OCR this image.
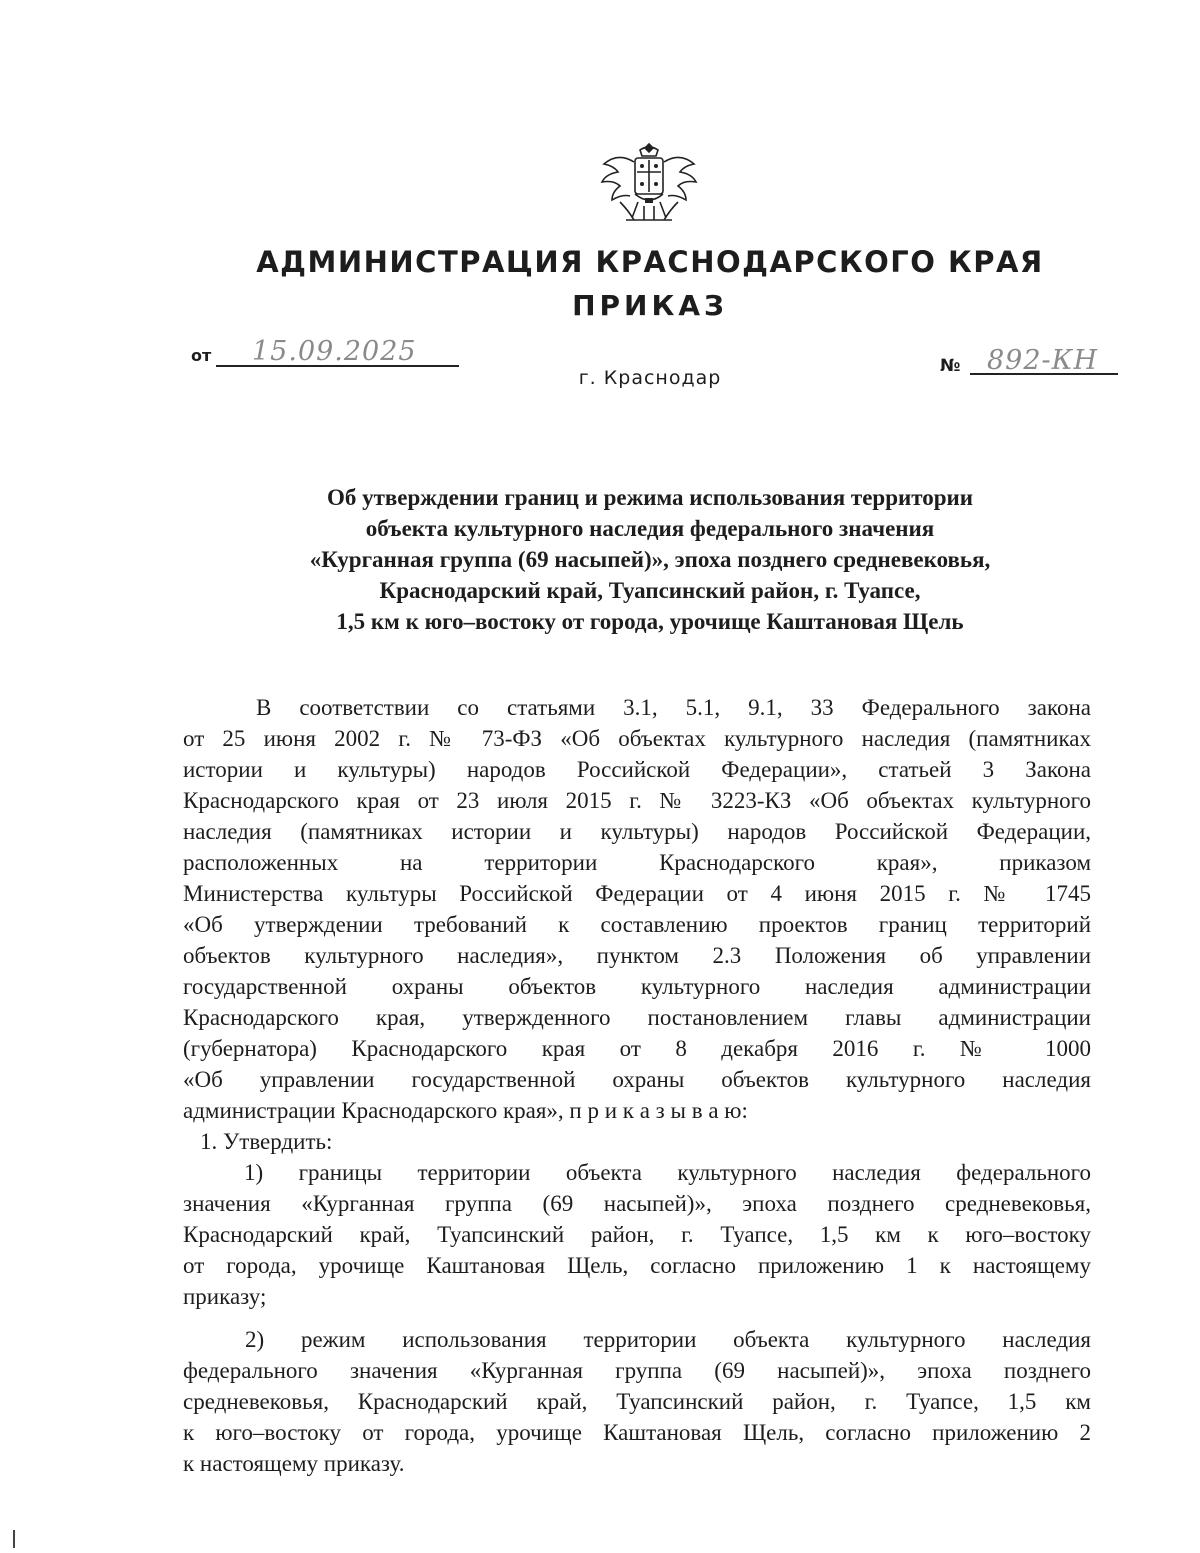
АДМИНИСТРАЦИЯ КРАСНОДАРСКОГО КРАЯ
ПРИКАЗ
от 15.09.2025	№ 892-КН
г. Краснодар
Об утверждении границ и режима использования территории
объекта культурного наследия федерального значения
«Курганная группа (69 насыпей)», эпоха позднего средневековья,
Краснодарский край, Туапсинский район, г. Туапсе,
1,5 км к юго–востоку от города, урочище Каштановая Щель
В соответствии со статьями 3.1, 5.1, 9.1, 33 Федерального закона
от 25 июня 2002 г. № 73-ФЗ «Об объектах культурного наследия (памятниках
истории и культуры) народов Российской Федерации», статьей 3 Закона
Краснодарского края от 23 июля 2015 г. № 3223-КЗ «Об объектах культурного
наследия (памятниках истории и культуры) народов Российской Федерации,
расположенных на территории Краснодарского края», приказом
Министерства культуры Российской Федерации от 4 июня 2015 г. № 1745
«Об утверждении требований к составлению проектов границ территорий
объектов культурного наследия», пунктом 2.3 Положения об управлении
государственной охраны объектов культурного наследия администрации
Краснодарского края, утвержденного постановлением главы администрации
(губернатора) Краснодарского края от 8 декабря 2016 г. № 1000
«Об управлении государственной охраны объектов культурного наследия
администрации Краснодарского края», п р и к а з ы в а ю:
1. Утвердить:
1) границы территории объекта культурного наследия федерального
значения «Курганная группа (69 насыпей)», эпоха позднего средневековья,
Краснодарский край, Туапсинский район, г. Туапсе, 1,5 км к юго–востоку
от города, урочище Каштановая Щель, согласно приложению 1 к настоящему
приказу;
2) режим использования территории объекта культурного наследия
федерального значения «Курганная группа (69 насыпей)», эпоха позднего
средневековья, Краснодарский край, Туапсинский район, г. Туапсе, 1,5 км
к юго–востоку от города, урочище Каштановая Щель, согласно приложению 2
к настоящему приказу.
